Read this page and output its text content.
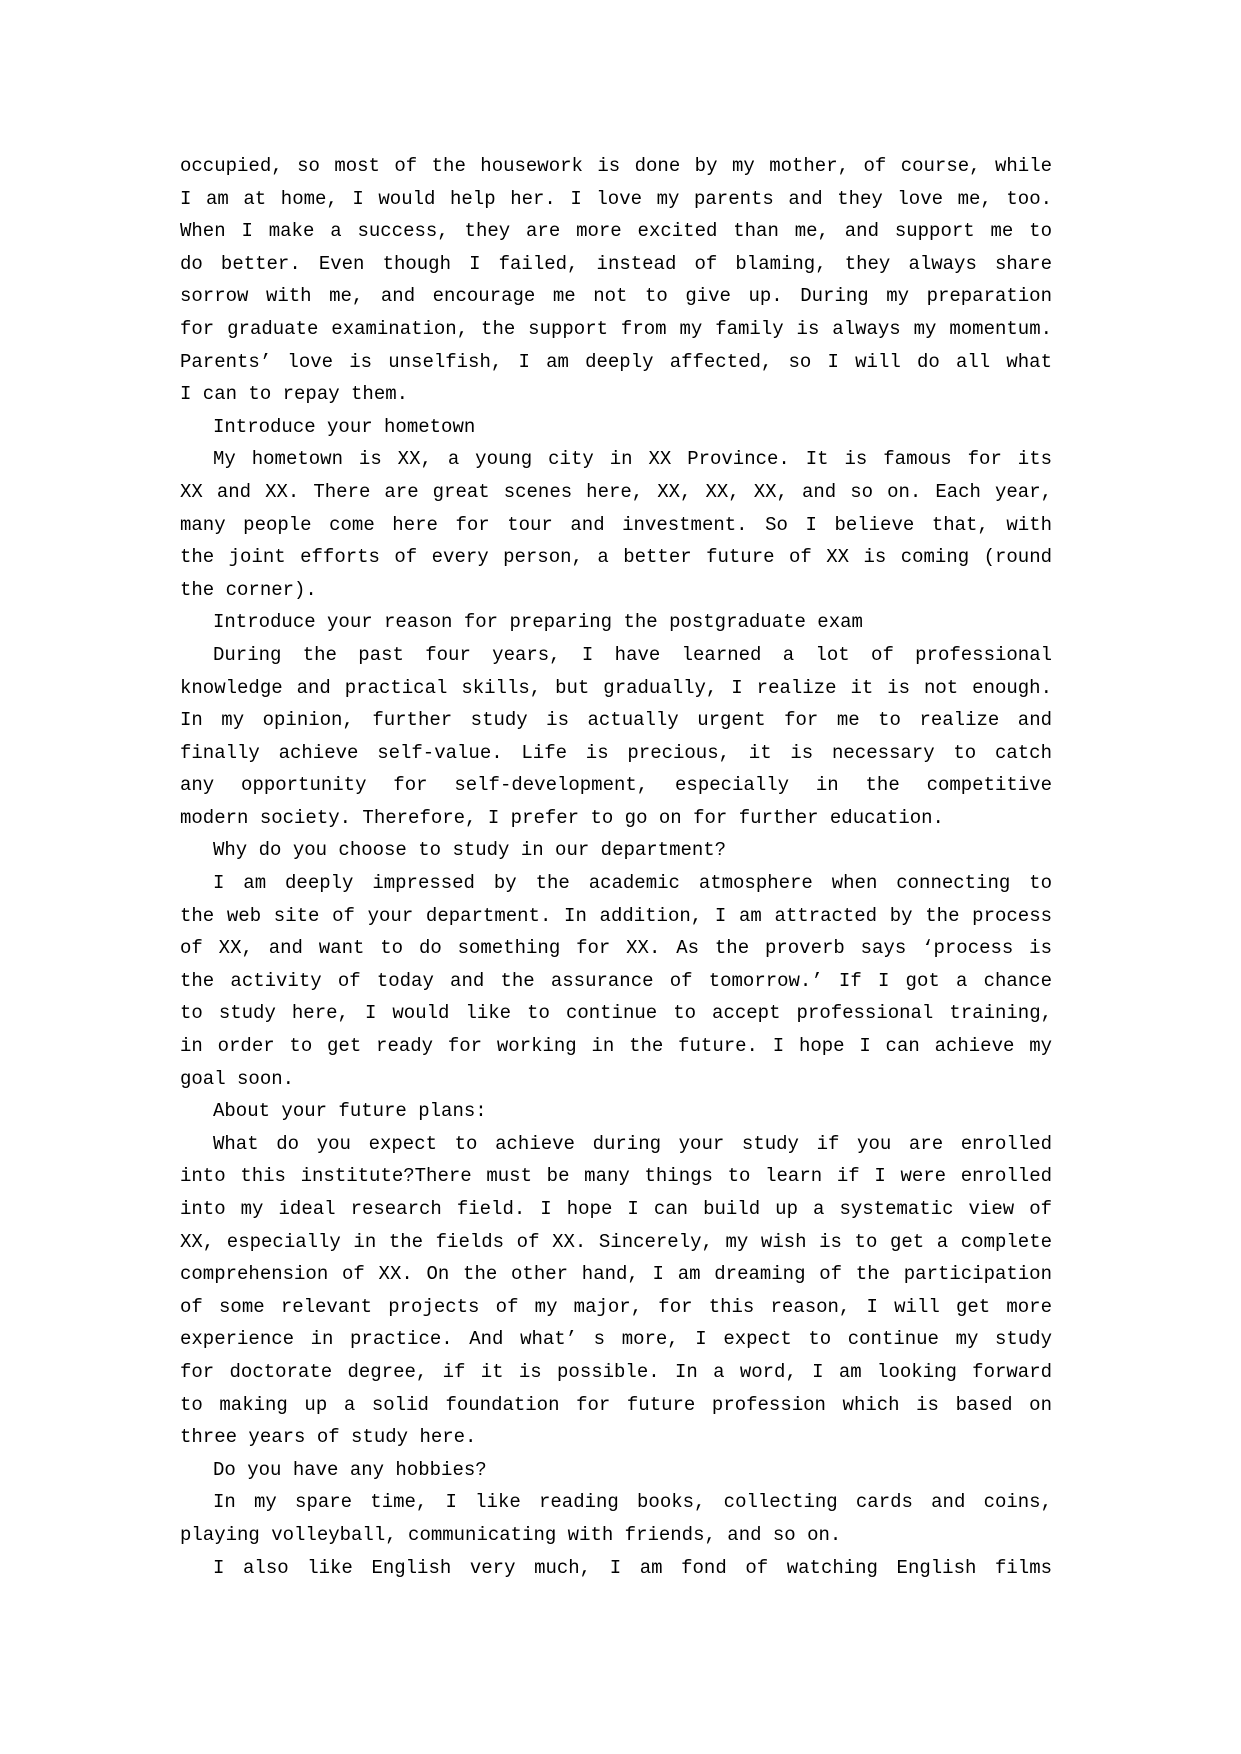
occupied, so most of the housework is done by my mother, of course, while
I am at home, I would help her. I love my parents and they love me, too.
When I make a success, they are more excited than me, and support me to
do better. Even though I failed, instead of blaming, they always share
sorrow with me, and encourage me not to give up. During my preparation
for graduate examination, the support from my family is always my momentum.
Parents’ love is unselfish, I am deeply affected, so I will do all what
I can to repay them.
Introduce your hometown
My hometown is XX, a young city in XX Province. It is famous for its
XX and XX. There are great scenes here, XX, XX, XX, and so on. Each year,
many people come here for tour and investment. So I believe that, with
the joint efforts of every person, a better future of XX is coming (round
the corner).
Introduce your reason for preparing the postgraduate exam
During the past four years, I have learned a lot of professional
knowledge and practical skills, but gradually, I realize it is not enough.
In my opinion, further study is actually urgent for me to realize and
finally achieve self-value. Life is precious, it is necessary to catch
any opportunity for self-development, especially in the competitive
modern society. Therefore, I prefer to go on for further education.
Why do you choose to study in our department?
I am deeply impressed by the academic atmosphere when connecting to
the web site of your department. In addition, I am attracted by the process
of XX, and want to do something for XX. As the proverb says ‘process is
the activity of today and the assurance of tomorrow.’ If I got a chance
to study here, I would like to continue to accept professional training,
in order to get ready for working in the future. I hope I can achieve my
goal soon.
About your future plans:
What do you expect to achieve during your study if you are enrolled
into this institute?There must be many things to learn if I were enrolled
into my ideal research field. I hope I can build up a systematic view of
XX, especially in the fields of XX. Sincerely, my wish is to get a complete
comprehension of XX. On the other hand, I am dreaming of the participation
of some relevant projects of my major, for this reason, I will get more
experience in practice. And what’ s more, I expect to continue my study
for doctorate degree, if it is possible. In a word, I am looking forward
to making up a solid foundation for future profession which is based on
three years of study here.
Do you have any hobbies?
In my spare time, I like reading books, collecting cards and coins,
playing volleyball, communicating with friends, and so on.
I also like English very much, I am fond of watching English films
